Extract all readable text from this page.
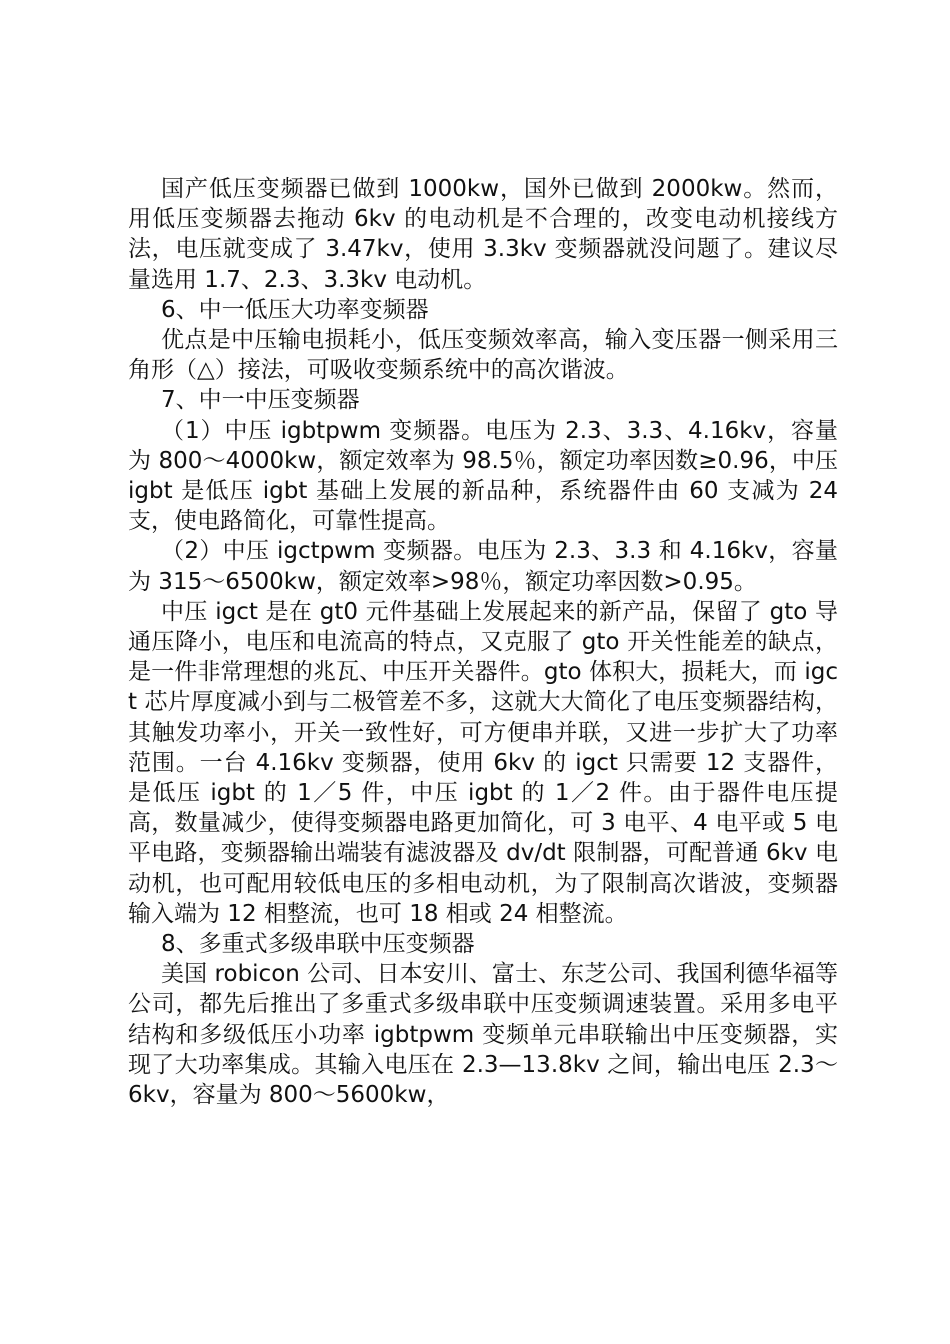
国产低压变频器已做到 1000kw，国外已做到 2000kw。然而，用低压变频器去拖动 6kv 的电动机是不合理的，改变电动机接线方法，电压就变成了 3.47kv，使用 3.3kv 变频器就没问题了。建议尽量选用 1.7、2.3、3.3kv 电动机。

6、中一低压大功率变频器

优点是中压输电损耗小，低压变频效率高，输入变压器一侧采用三角形（△）接法，可吸收变频系统中的高次谐波。

7、中一中压变频器

（1）中压 igbtpwm 变频器。电压为 2.3、3.3、4.16kv，容量为 800～4000kw，额定效率为 98.5％，额定功率因数≥0.96，中压 igbt 是低压 igbt 基础上发展的新品种，系统器件由 60 支减为 24 支，使电路简化，可靠性提高。

（2）中压 igctpwm 变频器。电压为 2.3、3.3 和 4.16kv，容量为 315～6500kw，额定效率>98％，额定功率因数>0.95。

中压 igct 是在 gt0 元件基础上发展起来的新产品，保留了 gto 导通压降小，电压和电流高的特点，又克服了 gto 开关性能差的缺点，是一件非常理想的兆瓦、中压开关器件。gto 体积大，损耗大，而 igct 芯片厚度减小到与二极管差不多，这就大大简化了电压变频器结构，其触发功率小，开关一致性好，可方便串并联，又进一步扩大了功率范围。一台 4.16kv 变频器，使用 6kv 的 igct 只需要 12 支器件，是低压 igbt 的 1／5 件，中压 igbt 的 1／2 件。由于器件电压提高，数量减少，使得变频器电路更加简化，可 3 电平、4 电平或 5 电平电路，变频器输出端装有滤波器及 dv/dt 限制器，可配普通 6kv 电动机，也可配用较低电压的多相电动机，为了限制高次谐波，变频器输入端为 12 相整流，也可 18 相或 24 相整流。

8、多重式多级串联中压变频器

美国 robicon 公司、日本安川、富士、东芝公司、我国利德华福等公司，都先后推出了多重式多级串联中压变频调速装置。采用多电平结构和多级低压小功率 igbtpwm 变频单元串联输出中压变频器，实现了大功率集成。其输入电压在 2.3—13.8kv 之间，输出电压 2.3～6kv，容量为 800～5600kw，
